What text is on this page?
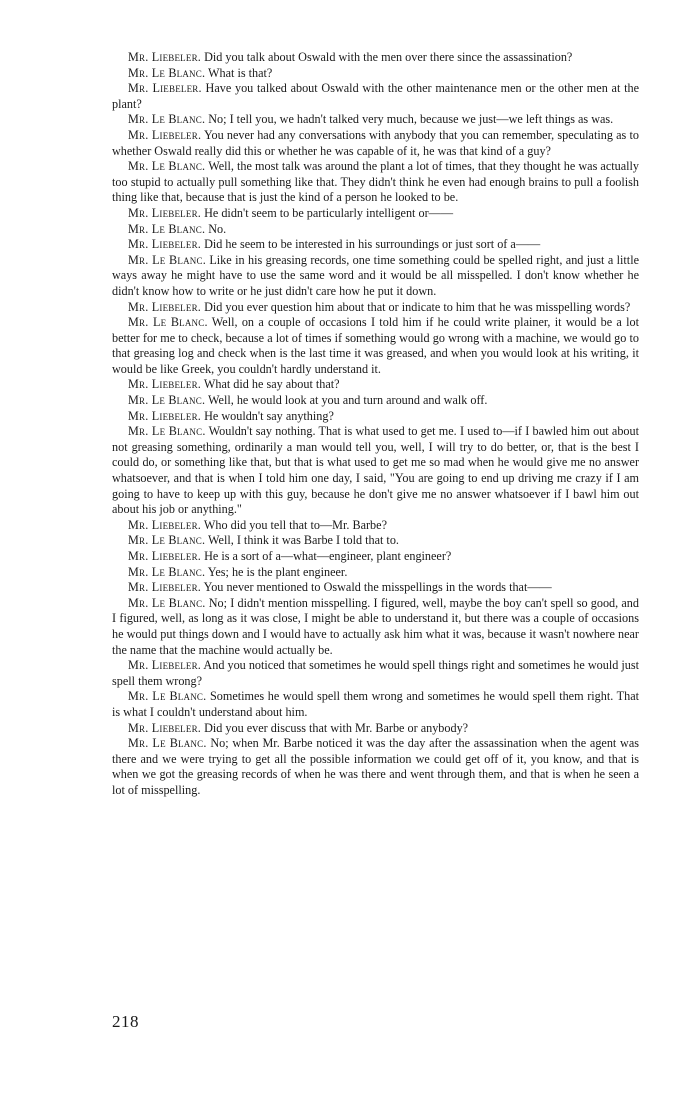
Mr. Liebeler. Did you talk about Oswald with the men over there since the assassination?

Mr. Le Blanc. What is that?

Mr. Liebeler. Have you talked about Oswald with the other maintenance men or the other men at the plant?

Mr. Le Blanc. No; I tell you, we hadn't talked very much, because we just—we left things as was.

Mr. Liebeler. You never had any conversations with anybody that you can remember, speculating as to whether Oswald really did this or whether he was capable of it, he was that kind of a guy?

Mr. Le Blanc. Well, the most talk was around the plant a lot of times, that they thought he was actually too stupid to actually pull something like that. They didn't think he even had enough brains to pull a foolish thing like that, because that is just the kind of a person he looked to be.

Mr. Liebeler. He didn't seem to be particularly intelligent or——

Mr. Le Blanc. No.

Mr. Liebeler. Did he seem to be interested in his surroundings or just sort of a——

Mr. Le Blanc. Like in his greasing records, one time something could be spelled right, and just a little ways away he might have to use the same word and it would be all misspelled. I don't know whether he didn't know how to write or he just didn't care how he put it down.

Mr. Liebeler. Did you ever question him about that or indicate to him that he was misspelling words?

Mr. Le Blanc. Well, on a couple of occasions I told him if he could write plainer, it would be a lot better for me to check, because a lot of times if something would go wrong with a machine, we would go to that greasing log and check when is the last time it was greased, and when you would look at his writing, it would be like Greek, you couldn't hardly understand it.

Mr. Liebeler. What did he say about that?

Mr. Le Blanc. Well, he would look at you and turn around and walk off.

Mr. Liebeler. He wouldn't say anything?

Mr. Le Blanc. Wouldn't say nothing. That is what used to get me. I used to—if I bawled him out about not greasing something, ordinarily a man would tell you, well, I will try to do better, or, that is the best I could do, or something like that, but that is what used to get me so mad when he would give me no answer whatsoever, and that is when I told him one day, I said, "You are going to end up driving me crazy if I am going to have to keep up with this guy, because he don't give me no answer whatsoever if I bawl him out about his job or anything."

Mr. Liebeler. Who did you tell that to—Mr. Barbe?

Mr. Le Blanc. Well, I think it was Barbe I told that to.

Mr. Liebeler. He is a sort of a—what—engineer, plant engineer?

Mr. Le Blanc. Yes; he is the plant engineer.

Mr. Liebeler. You never mentioned to Oswald the misspellings in the words that——

Mr. Le Blanc. No; I didn't mention misspelling. I figured, well, maybe the boy can't spell so good, and I figured, well, as long as it was close, I might be able to understand it, but there was a couple of occasions he would put things down and I would have to actually ask him what it was, because it wasn't nowhere near the name that the machine would actually be.

Mr. Liebeler. And you noticed that sometimes he would spell things right and sometimes he would just spell them wrong?

Mr. Le Blanc. Sometimes he would spell them wrong and sometimes he would spell them right. That is what I couldn't understand about him.

Mr. Liebeler. Did you ever discuss that with Mr. Barbe or anybody?

Mr. Le Blanc. No; when Mr. Barbe noticed it was the day after the assassination when the agent was there and we were trying to get all the possible information we could get off of it, you know, and that is when we got the greasing records of when he was there and went through them, and that is when he seen a lot of misspelling.

218
